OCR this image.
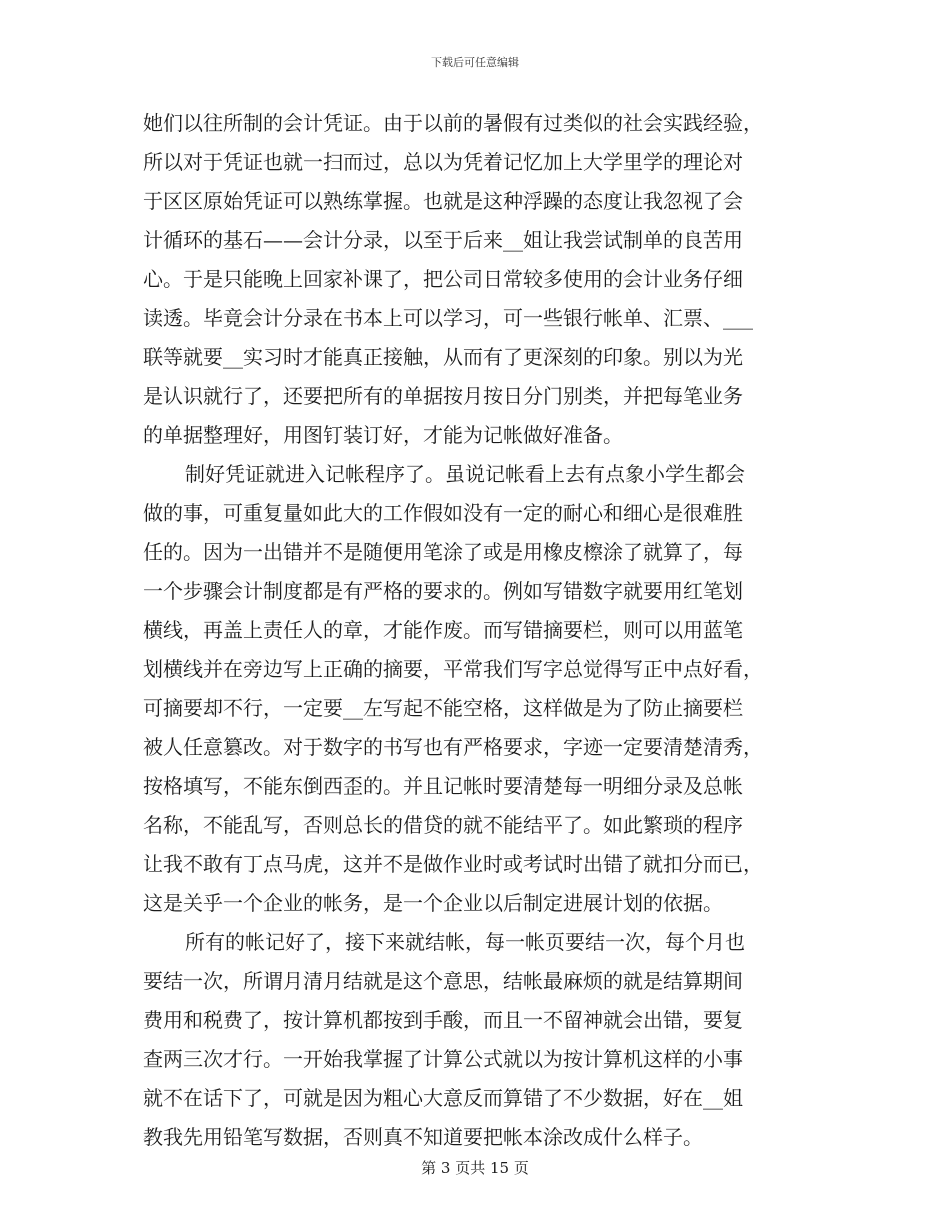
下载后可任意编辑
她们以往所制的会计凭证。由于以前的暑假有过类似的社会实践经验，
所以对于凭证也就一扫而过，总以为凭着记忆加上大学里学的理论对
于区区原始凭证可以熟练掌握。也就是这种浮躁的态度让我忽视了会
计循环的基石——会计分录，以至于后来__姐让我尝试制单的良苦用
心。于是只能晚上回家补课了，把公司日常较多使用的会计业务仔细
读透。毕竟会计分录在书本上可以学习，可一些银行帐单、汇票、___
联等就要__实习时才能真正接触，从而有了更深刻的印象。别以为光
是认识就行了，还要把所有的单据按月按日分门别类，并把每笔业务
的单据整理好，用图钉装订好，才能为记帐做好准备。
制好凭证就进入记帐程序了。虽说记帐看上去有点象小学生都会
做的事，可重复量如此大的工作假如没有一定的耐心和细心是很难胜
任的。因为一出错并不是随便用笔涂了或是用橡皮檫涂了就算了，每
一个步骤会计制度都是有严格的要求的。例如写错数字就要用红笔划
横线，再盖上责任人的章，才能作废。而写错摘要栏，则可以用蓝笔
划横线并在旁边写上正确的摘要，平常我们写字总觉得写正中点好看，
可摘要却不行，一定要__左写起不能空格，这样做是为了防止摘要栏
被人任意篡改。对于数字的书写也有严格要求，字迹一定要清楚清秀，
按格填写，不能东倒西歪的。并且记帐时要清楚每一明细分录及总帐
名称，不能乱写，否则总长的借贷的就不能结平了。如此繁琐的程序
让我不敢有丁点马虎，这并不是做作业时或考试时出错了就扣分而已，
这是关乎一个企业的帐务，是一个企业以后制定进展计划的依据。
所有的帐记好了，接下来就结帐，每一帐页要结一次，每个月也
要结一次，所谓月清月结就是这个意思，结帐最麻烦的就是结算期间
费用和税费了，按计算机都按到手酸，而且一不留神就会出错，要复
查两三次才行。一开始我掌握了计算公式就以为按计算机这样的小事
就不在话下了，可就是因为粗心大意反而算错了不少数据，好在__姐
教我先用铅笔写数据，否则真不知道要把帐本涂改成什么样子。
第 3 页共 15 页
